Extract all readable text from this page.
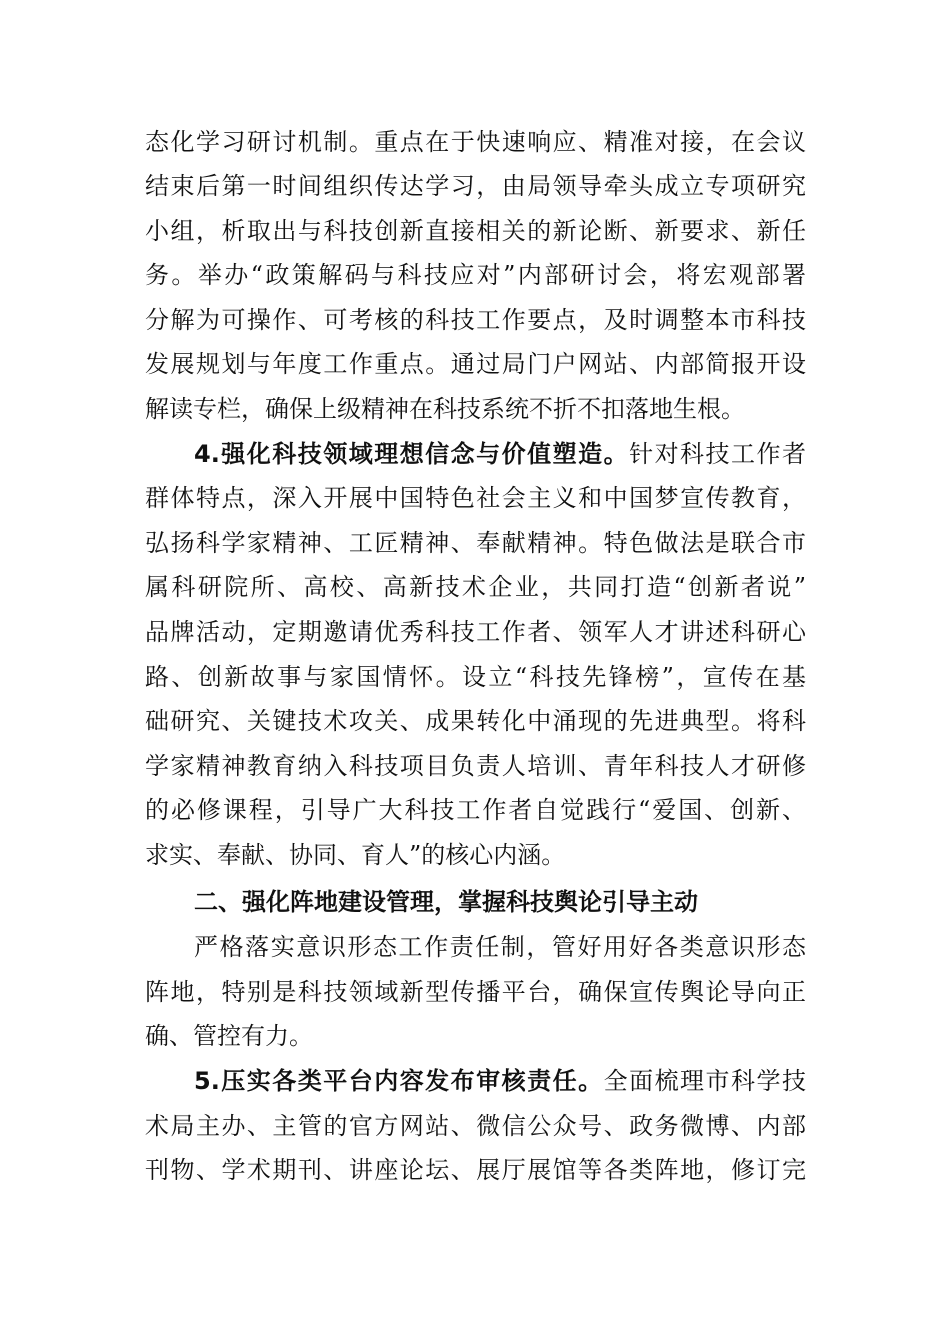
态化学习研讨机制。重点在于快速响应、精准对接，在会议
结束后第一时间组织传达学习，由局领导牵头成立专项研究
小组，析取出与科技创新直接相关的新论断、新要求、新任
务。举办“政策解码与科技应对”内部研讨会，将宏观部署
分解为可操作、可考核的科技工作要点，及时调整本市科技
发展规划与年度工作重点。通过局门户网站、内部简报开设
解读专栏，确保上级精神在科技系统不折不扣落地生根。
4.强化科技领域理想信念与价值塑造。针对科技工作者
群体特点，深入开展中国特色社会主义和中国梦宣传教育，
弘扬科学家精神、工匠精神、奉献精神。特色做法是联合市
属科研院所、高校、高新技术企业，共同打造“创新者说”
品牌活动，定期邀请优秀科技工作者、领军人才讲述科研心
路、创新故事与家国情怀。设立“科技先锋榜”，宣传在基
础研究、关键技术攻关、成果转化中涌现的先进典型。将科
学家精神教育纳入科技项目负责人培训、青年科技人才研修
的必修课程，引导广大科技工作者自觉践行“爱国、创新、
求实、奉献、协同、育人”的核心内涵。
二、强化阵地建设管理，掌握科技舆论引导主动
严格落实意识形态工作责任制，管好用好各类意识形态
阵地，特别是科技领域新型传播平台，确保宣传舆论导向正
确、管控有力。
5.压实各类平台内容发布审核责任。全面梳理市科学技
术局主办、主管的官方网站、微信公众号、政务微博、内部
刊物、学术期刊、讲座论坛、展厅展馆等各类阵地，修订完
